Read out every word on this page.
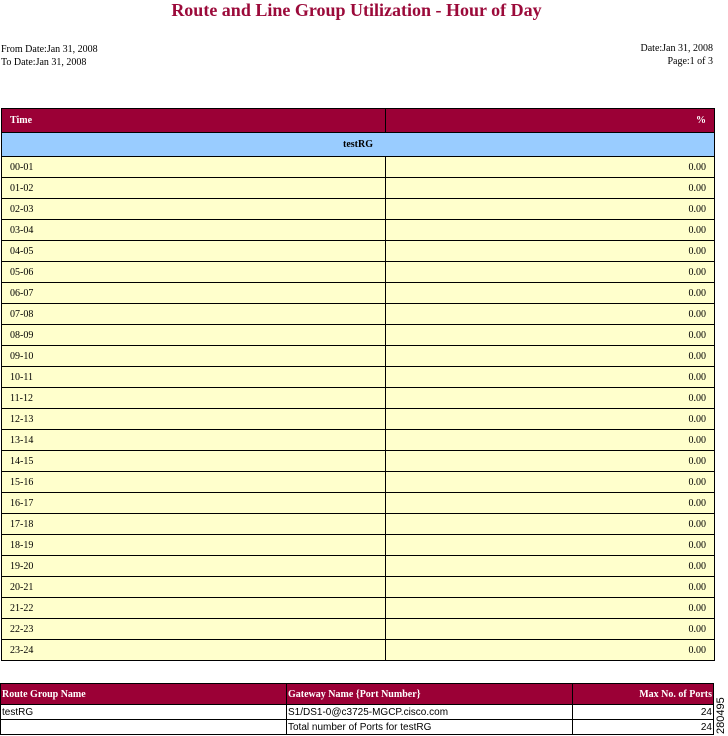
Route and Line Group Utilization - Hour of Day
From Date:Jan 31, 2008
To Date:Jan 31, 2008
Date:Jan 31, 2008
Page:1 of 3
Time	%
testRG	
00-01	0.00
01-02	0.00
02-03	0.00
03-04	0.00
04-05	0.00
05-06	0.00
06-07	0.00
07-08	0.00
08-09	0.00
09-10	0.00
10-11	0.00
11-12	0.00
12-13	0.00
13-14	0.00
14-15	0.00
15-16	0.00
16-17	0.00
17-18	0.00
18-19	0.00
19-20	0.00
20-21	0.00
21-22	0.00
22-23	0.00
23-24	0.00
Route Group Name	Gateway Name {Port Number}	Max No. of Ports
testRG	S1/DS1-0@c3725-MGCP.cisco.com	24
	Total number of Ports for testRG	24 280495
